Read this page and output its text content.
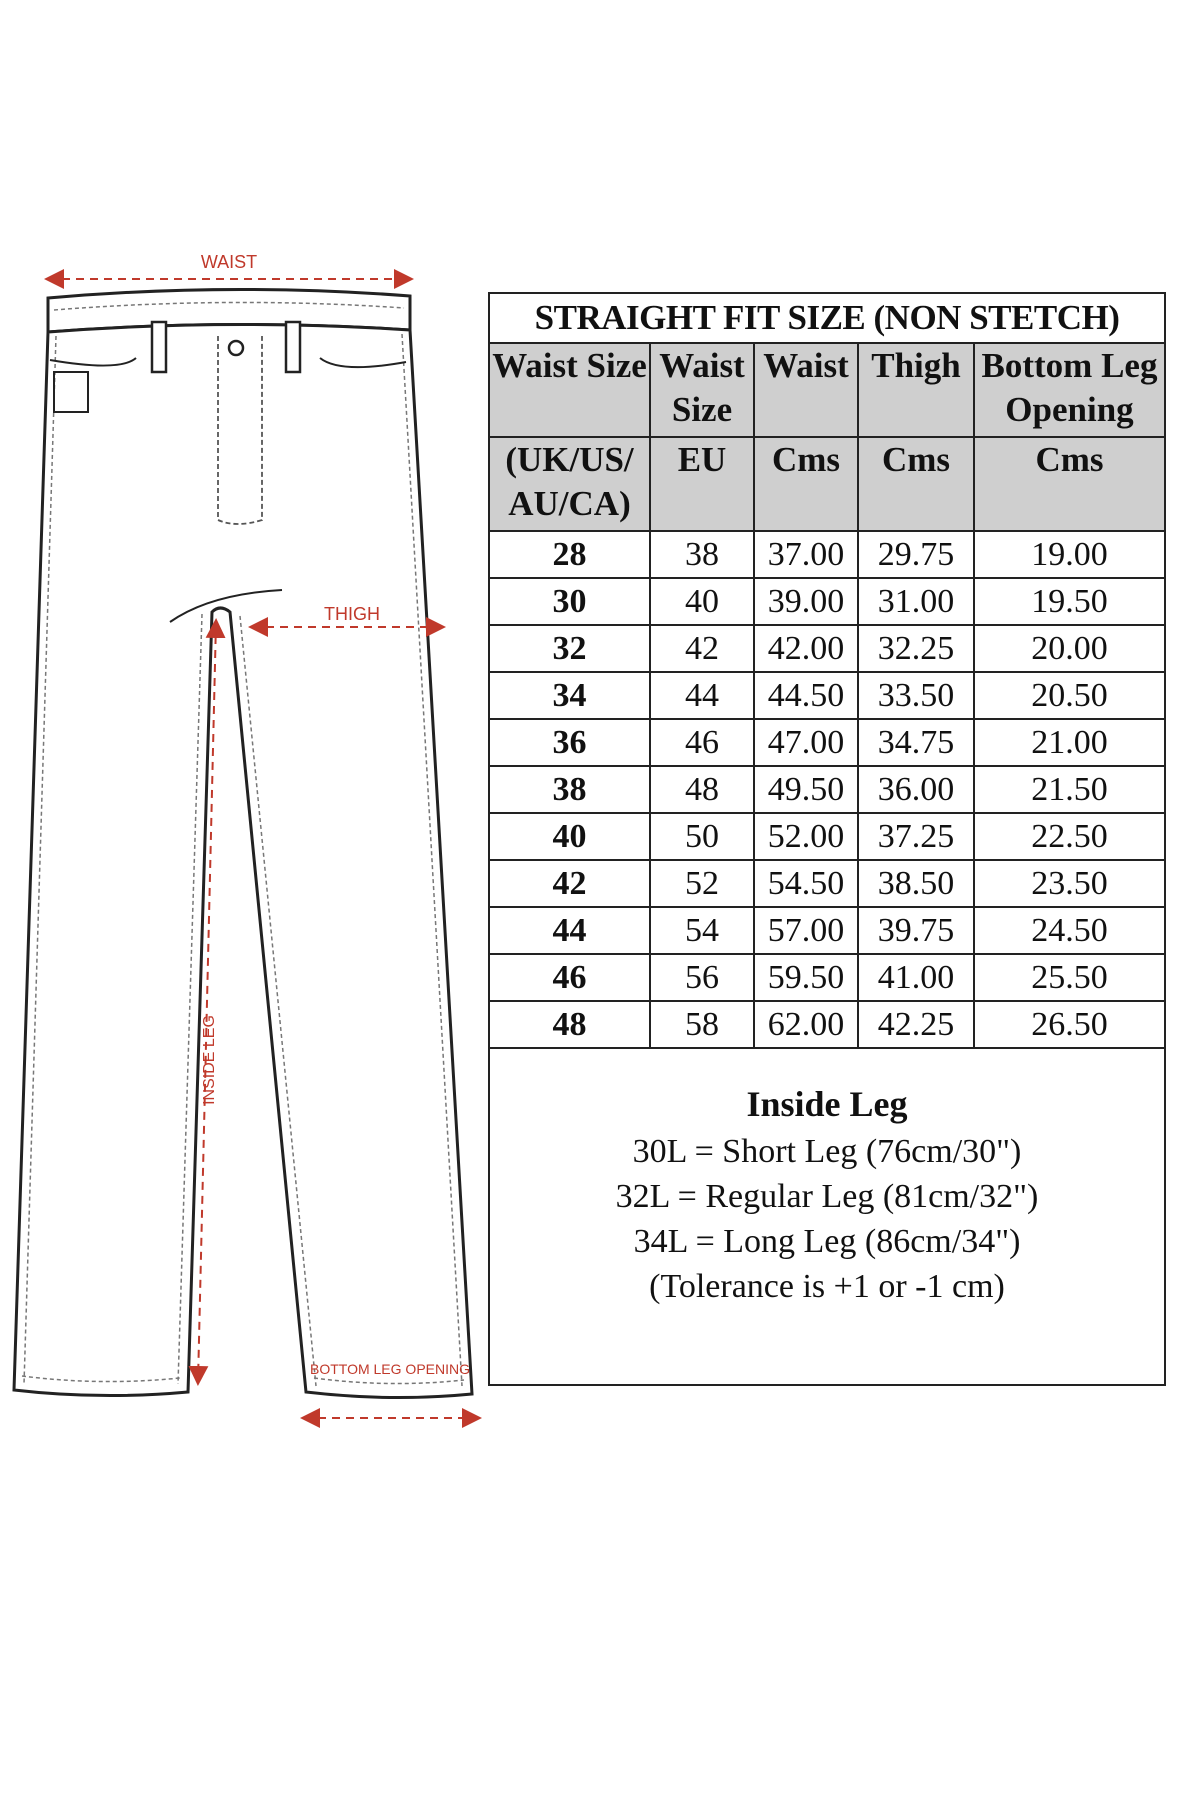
WAIST
THIGH
INSIDE LEG
BOTTOM LEG OPENING
STRAIGHT FIT SIZE (NON STETCH)				
Waist Size	Waist Size	Waist	Thigh	Bottom Leg Opening
(UK/US/ AU/CA)	EU	Cms	Cms	Cms
28	38	37.00	29.75	19.00
30	40	39.00	31.00	19.50
32	42	42.00	32.25	20.00
34	44	44.50	33.50	20.50
36	46	47.00	34.75	21.00
38	48	49.50	36.00	21.50
40	50	52.00	37.25	22.50
42	52	54.50	38.50	23.50
44	54	57.00	39.75	24.50
46	56	59.50	41.00	25.50
48	58	62.00	42.25	26.50
Inside Leg
30L = Short Leg (76cm/30")
32L = Regular Leg (81cm/32")
34L = Long Leg (86cm/34")
(Tolerance is +1 or -1 cm)
